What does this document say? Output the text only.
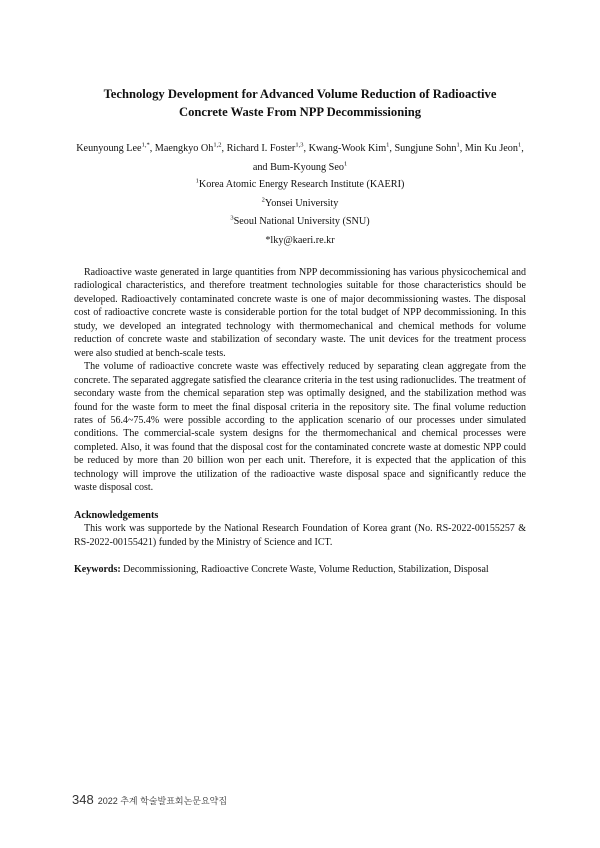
Technology Development for Advanced Volume Reduction of Radioactive
Concrete Waste From NPP Decommissioning
Keunyoung Lee$^{1,*}$, Maengkyo Oh$^{1,2}$, Richard I. Foster$^{1,3}$, Kwang-Wook Kim$^1$, Sungjune Sohn$^1$, Min Ku Jeon$^1$,
and Bum-Kyoung Seo$^1$
$^1$Korea Atomic Energy Research Institute (KAERI)
$^2$Yonsei University
$^3$Seoul National University (SNU)
*lky@kaeri.re.kr

Radioactive waste generated in large quantities from NPP decommissioning has various physicochemical and radiological characteristics, and therefore treatment technologies suitable for those characteristics should be developed. Radioactively contaminated concrete waste is one of major decommissioning wastes. The disposal cost of radioactive concrete waste is considerable portion for the total budget of NPP decommissioning. In this study, we developed an integrated technology with thermomechanical and chemical methods for volume reduction of concrete waste and stabilization of secondary waste. The unit devices for the treatment process were also studied at bench-scale tests.

The volume of radioactive concrete waste was effectively reduced by separating clean aggregate from the concrete. The separated aggregate satisfied the clearance criteria in the test using radionuclides. The treatment of secondary waste from the chemical separation step was optimally designed, and the stabilization method was found for the waste form to meet the final disposal criteria in the repository site. The final volume reduction rates of 56.4~75.4% were possible according to the application scenario of our processes under simulated conditions. The commercial-scale system designs for the thermomechanical and chemical processes were completed. Also, it was found that the disposal cost for the contaminated concrete waste at domestic NPP could be reduced by more than 20 billion won per each unit. Therefore, it is expected that the application of this technology will improve the utilization of the radioactive waste disposal space and significantly reduce the waste disposal cost.

Acknowledgements

This work was supportede by the National Research Foundation of Korea grant (No. RS-2022-00155257 & RS-2022-00155421) funded by the Ministry of Science and ICT.

Keywords: Decommissioning, Radioactive Concrete Waste, Volume Reduction, Stabilization, Disposal
348 2022 추계 학술발표회논문요약집
